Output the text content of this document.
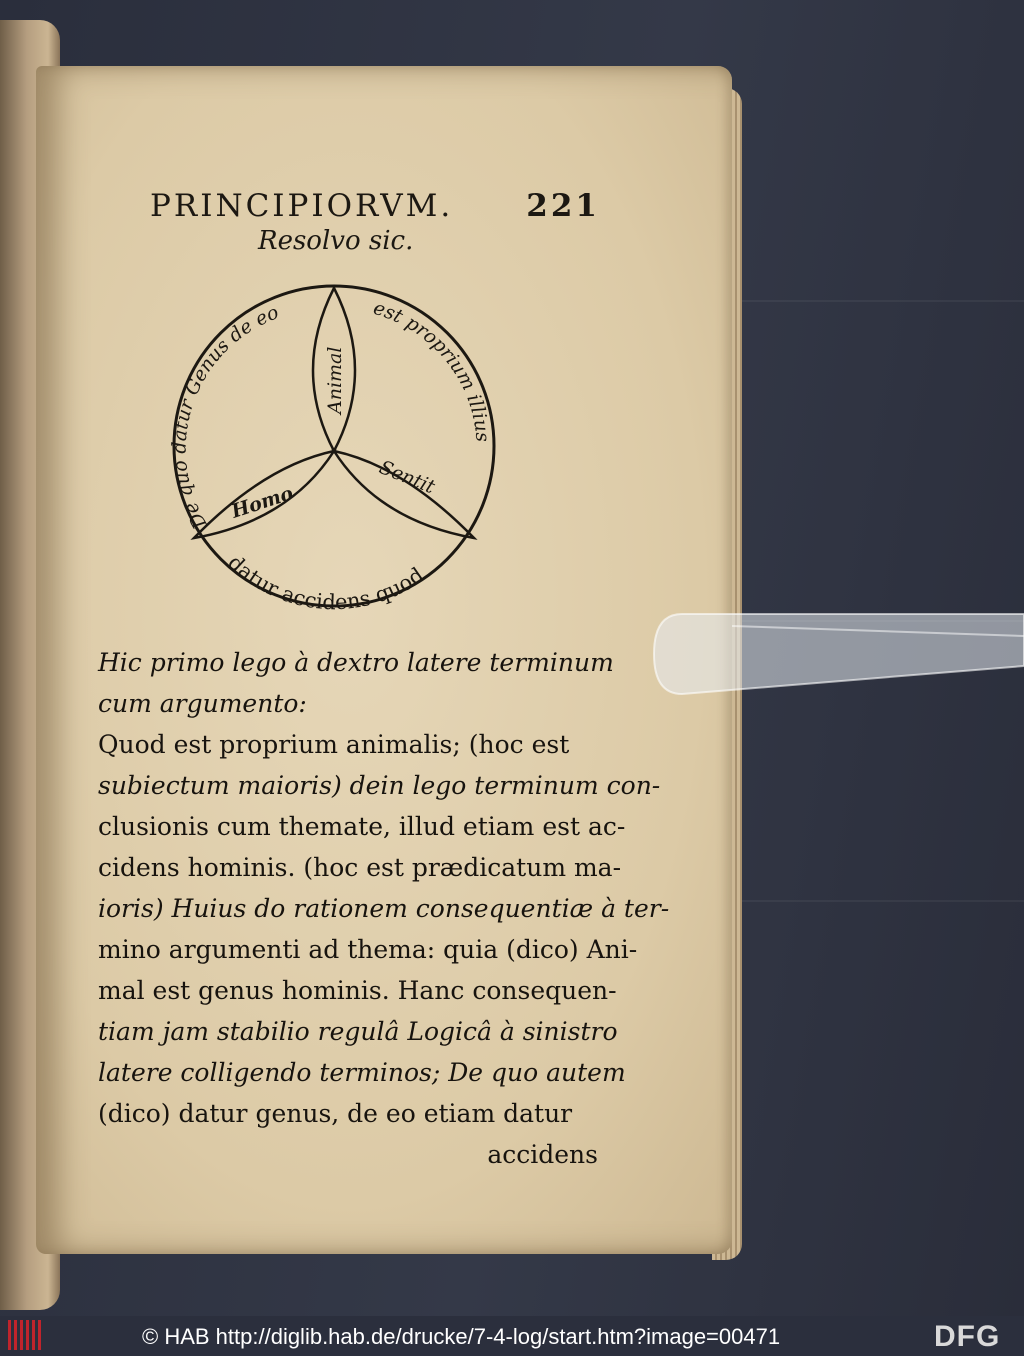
PRINCIPIORVM. 221
Resolvo sic.
Animal
Homo
Sentit
De quo datur Genus de eo	est proprium illius
datur accidens quod
Hic primo lego à dextro latere terminum
cum argumento:
Quod est proprium animalis; (hoc est
subiectum maioris) dein lego terminum con-
clusionis cum themate, illud etiam est ac-
cidens hominis. (hoc est prædicatum ma-
ioris) Huius do rationem consequentiæ à ter-
mino argumenti ad thema: quia (dico) Ani-
mal est genus hominis. Hanc consequen-
tiam jam stabilio regulâ Logicâ à sinistro
latere colligendo terminos; De quo autem
(dico) datur genus, de eo etiam datur
accidens
© HAB http://diglib.hab.de/drucke/7-4-log/start.htm?image=00471	DFG
